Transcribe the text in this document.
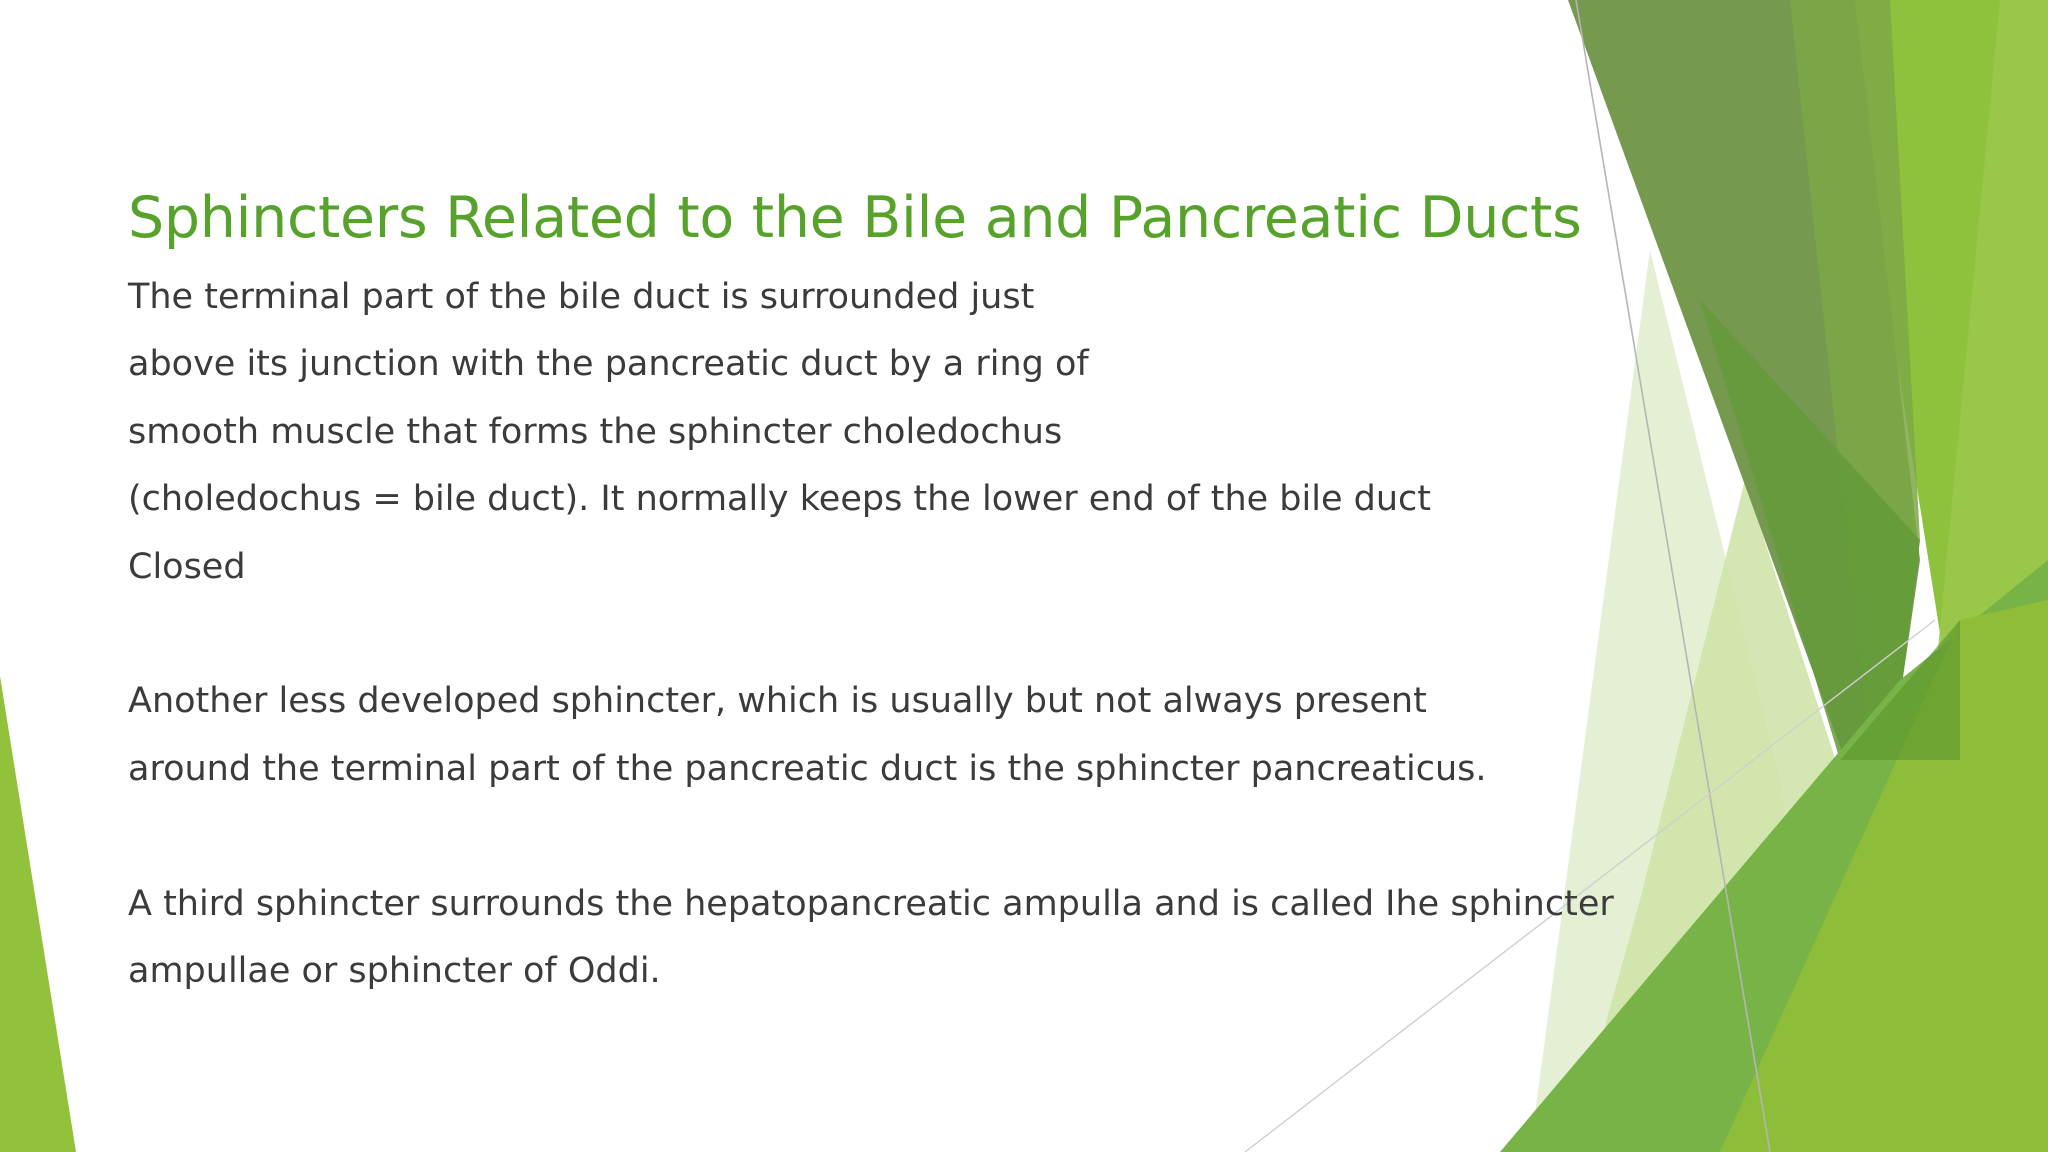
Sphincters Related to the Bile and Pancreatic Ducts
The terminal part of the bile duct is surrounded just
above its junction with the pancreatic duct by a ring of
smooth muscle that forms the sphincter choledochus
(choledochus = bile duct). It normally keeps the lower end of the bile duct
Closed
Another less developed sphincter, which is usually but not always present
around the terminal part of the pancreatic duct is the sphincter pancreaticus.
A third sphincter surrounds the hepatopancreatic ampulla and is called Ihe sphincter
ampullae or sphincter of Oddi.
